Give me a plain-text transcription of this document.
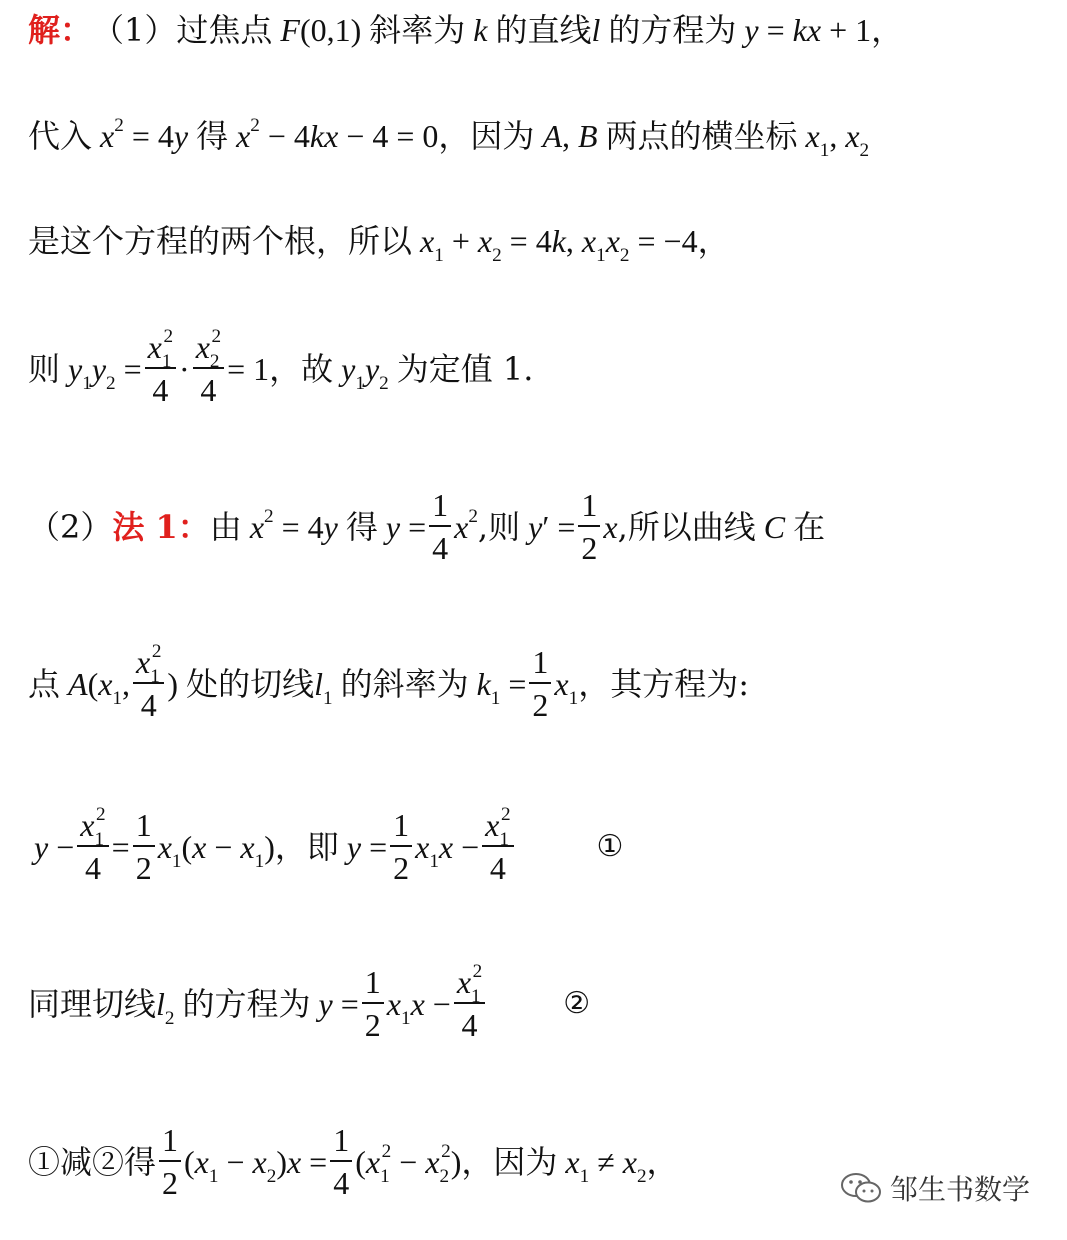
解： （1） 过焦点 F(0,1) 斜率为 k 的直线 l 的方程为 y = kx + 1 ，
代入 $x^2 = 4y$ 得 $x^2 - 4kx - 4 = 0$ ，因为 A, B 两点的横坐标 $x_1$, $x_2$
是这个方程的两个根，所以 $x_1 + x_2 = 4k$, $x_1x_2 = -4$ ，
则 $y_1y_2 = \frac{x_1^2}{4} \cdot \frac{x_2^2}{4} = 1$ ，故 $y_1y_2$ 为定值 1.
（2） 法 1： 由 $x^2 = 4y$ 得 $y = \frac{1}{4} x^2$ ,则 $y' = \frac{1}{2}$ x ,所以曲线 C 在
点 $A(x_1$, $\frac{x_1^2}{4}$ ) 处的切线 $l_1$ 的斜率为 $k_1 = \frac{1}{2} x_1$ ，其方程为:
$y - \frac{x_1^2}{4} = \frac{1}{2} x_1(x - x_1)$ ，即 $y = \frac{1}{2} x_1x - \frac{x_1^2}{4}$	①
同理切线 $l_2$ 的方程为 $y = \frac{1}{2} x_1x - \frac{x_1^2}{4}$	②
①减②得 $\frac{1}{2} (x_1 - x_2)x = \frac{1}{4} (x_1^2 - x_2^2)$ ，因为 $x_1 \ne x_2$ ，
邹生书数学
